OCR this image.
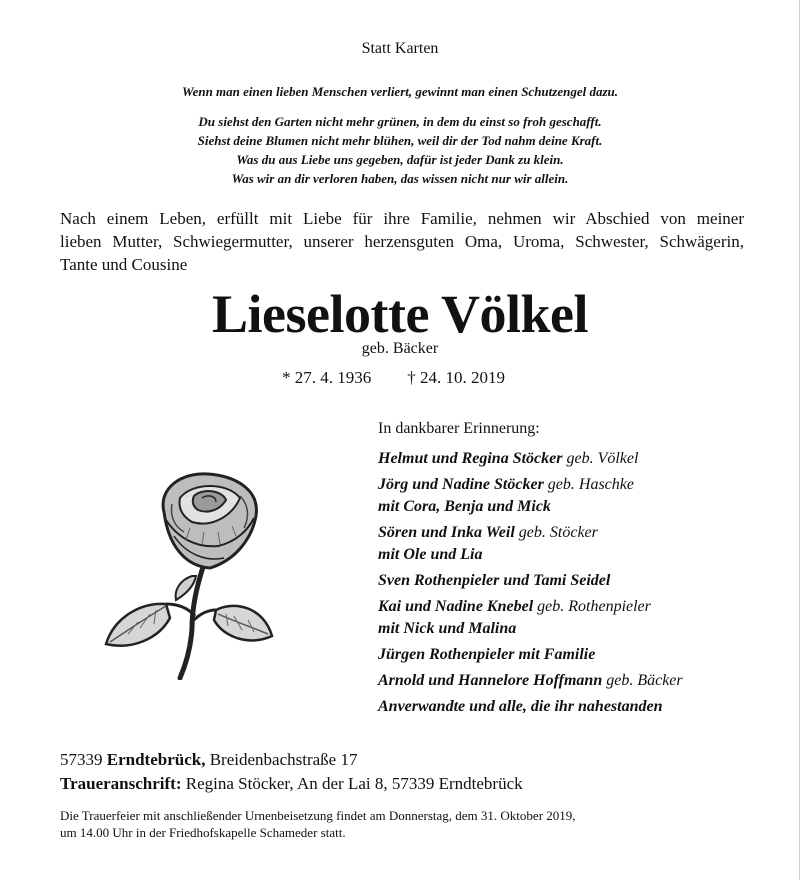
Statt Karten
Wenn man einen lieben Menschen verliert, gewinnt man einen Schutzengel dazu.
Du siehst den Garten nicht mehr grünen, in dem du einst so froh geschafft.
Siehst deine Blumen nicht mehr blühen, weil dir der Tod nahm deine Kraft.
Was du aus Liebe uns gegeben, dafür ist jeder Dank zu klein.
Was wir an dir verloren haben, das wissen nicht nur wir allein.
Nach einem Leben, erfüllt mit Liebe für ihre Familie, nehmen wir Abschied von meiner
lieben Mutter, Schwiegermutter, unserer herzensguten Oma, Uroma, Schwester, Schwägerin,
Tante und Cousine
Lieselotte Völkel
geb. Bäcker
* 27. 4. 1936 † 24. 10. 2019
In dankbarer Erinnerung:
Helmut und Regina Stöcker geb. Völkel
Jörg und Nadine Stöcker geb. Haschke
mit Cora, Benja und Mick
Sören und Inka Weil geb. Stöcker
mit Ole und Lia
Sven Rothenpieler und Tami Seidel
Kai und Nadine Knebel geb. Rothenpieler
mit Nick und Malina
Jürgen Rothenpieler mit Familie
Arnold und Hannelore Hoffmann geb. Bäcker
Anverwandte und alle, die ihr nahestanden
57339 Erndtebrück, Breidenbachstraße 17
Traueranschrift: Regina Stöcker, An der Lai 8, 57339 Erndtebrück
Die Trauerfeier mit anschließender Urnenbeisetzung findet am Donnerstag, dem 31. Oktober 2019,
um 14.00 Uhr in der Friedhofskapelle Schameder statt.
